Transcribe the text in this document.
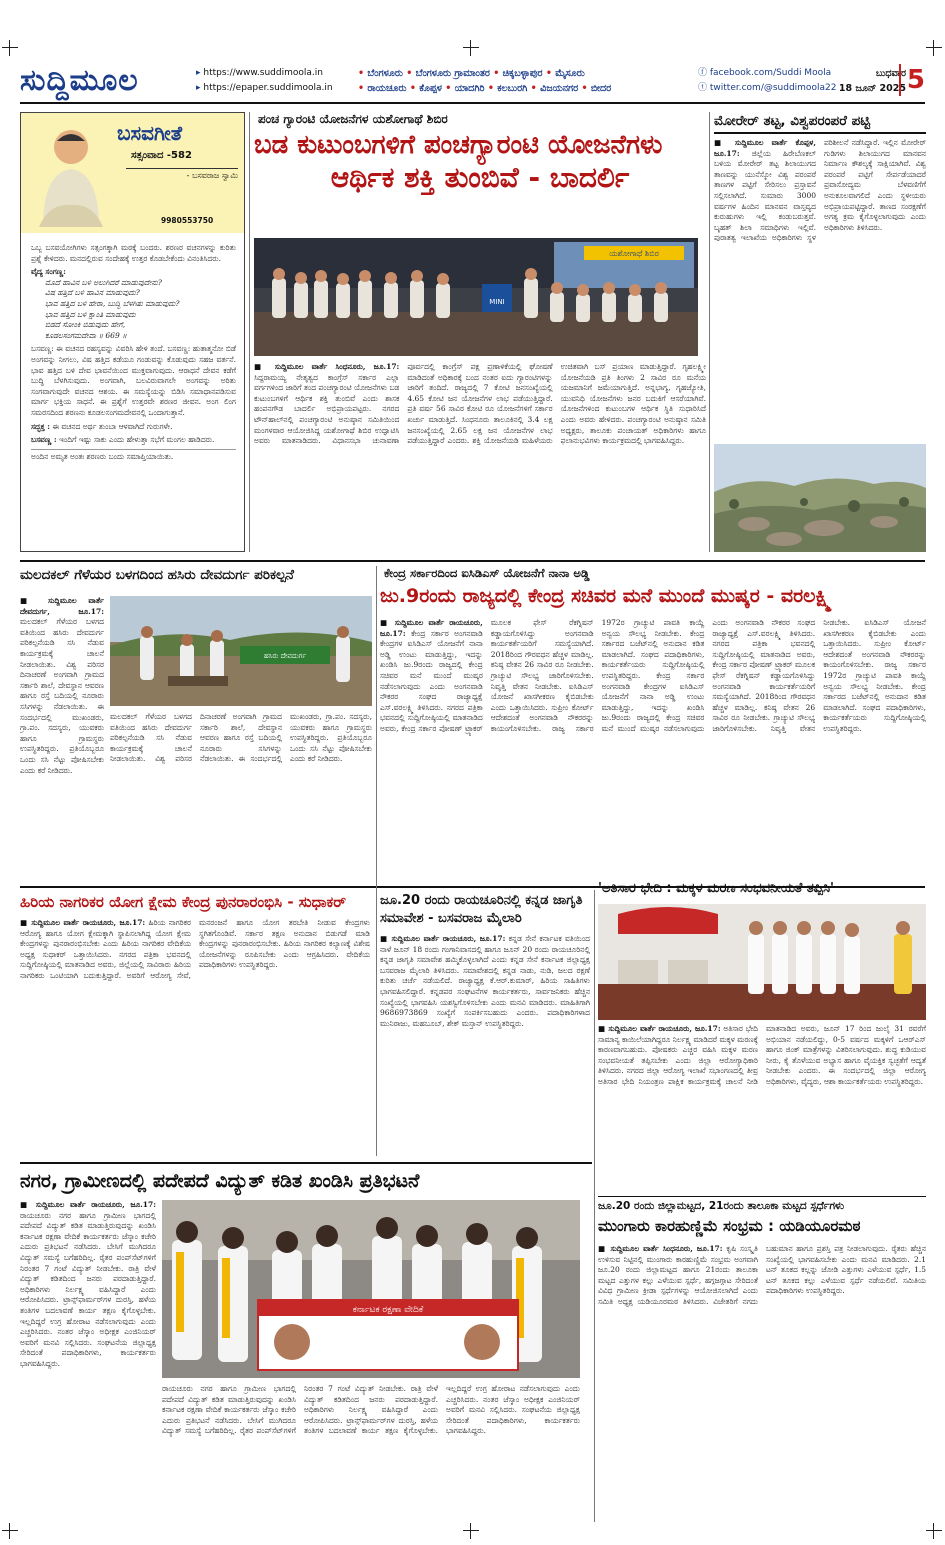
ಸುದ್ದಿಮೂಲ	▸ https://www.suddimoola.in
▸ https://epaper.suddimoola.in
• ಬೆಂಗಳೂರು • ಬೆಂಗಳೂರು ಗ್ರಾಮಾಂತರ • ಚಿಕ್ಕಬಳ್ಳಾಪುರ • ಮೈಸೂರು
• ರಾಯಚೂರು • ಕೊಪ್ಪಳ • ಯಾದಗಿರಿ • ಕಲಬುರಗಿ • ವಿಜಯನಗರ • ಬೀದರ
ⓕ facebook.com/Suddi Moola
ⓣ twitter.com/@suddimoola22
ಬುಧವಾರ
18 ಜೂನ್ 2025 5
ಬಸವಗೀತೆ
ಸತ್ಸಂವಾದ -582
- ಬಸವರಾಜ ಸ್ವಾಮಿ
9980553750

ಒಬ್ಬ ಬಸವಯೋಗಿಗಳು ಸತ್ಸಂಗಕ್ಕಾಗಿ ಮಠಕ್ಕೆ ಬಂದರು. ಶರಣರ ವಚನಗಳನ್ನು ಕುರಿತು ಪ್ರಶ್ನೆ ಕೇಳಿದರು. ಮನದಲ್ಲಿರುವ ಸಂದೇಹಕ್ಕೆ ಉತ್ತರ ಕೊಡಬೇಕೆಂದು ವಿನಂತಿಸಿದರು.

ವೈದ್ಯ ಸಂಗಣ್ಣ:

ಮೊದೆ ಹಾವಿನ ಬಳಿ ಅಲುಗಿದರೆ ಮಾಡುವುದೇನು?
ವಿಷ ಹತ್ತಿದೆ ಬಳಿ ಹಾವಿನ ಮಾಡುವುದು?
ಭಾವ ಹತ್ತಿದ ಬಳಿ ಹೇರಾ, ಬುದ್ಧಿ ಬೆಳಗಿತು ಮಾಡುವುದು?
ಭಾವ ಹತ್ತಿದ ಬಳಿ ಕ್ಷಾಂತಿ ಮಾಡುವುದು
ಬಿಡದೆ ಸೋಂಕಿ ಬಿಡುವುದು ಹೇಗೆ,
ಕೂಡಲಸಂಗಮದೇವಾ ॥ 669 ॥

ಬಸವಣ್ಣ: ಈ ವಚನದ ರಹಸ್ಯವನ್ನು ವಿವರಿಸಿ ಹೇಳಿ ತಂದೆ. ಬಸವಣ್ಣ: ಹುತಾತ್ಮನೋ ಬಿಡೆ ಅಂಗವನ್ನು ನೀಗಲು, ವಿಷ ಹತ್ತಿದ ಕಡೆಯೂ ಗಂಡುವನ್ನು ಕೊಡುವುದು ಸಹಜ ವರ್ತನೆ. ಭಾವ ಹತ್ತಿದ ಬಳಿ ದೇವ ಭಾವನೆಯಿಂದ ಮುಕ್ತವಾಗುವುದು. ಆರಾಧನೆ ದೇವನ ಕಡೆಗೆ ಬುದ್ಧಿ ಬೆಳಗಿಸುವುದು. ಅಂಗವಾಗಿ, ಬಲವಿರುವಾಗಲೇ ಅಂಗವನ್ನು ಅರಿತು ಸಂಗವಾಗುವುದೇ ವಚನದ ಆಶಯ. ಈ ಸಮಸ್ಯೆಯನ್ನು ಬಿಡಿಸಿ ಸಮಾಧಾನಪಡಿಸುವ ಮಾರ್ಗ ಭಕ್ತಿಯ ಸಾಧನೆ. ಈ ಪ್ರಶ್ನೆಗೆ ಉತ್ತರವೇ ಶರಣರ ಜೀವನ. ಅಂಗ ಲಿಂಗ ಸಮರಸದಿಂದ ಶರಣನು ಕೂಡಲಸಂಗಮದೇವನಲ್ಲಿ ಒಂದಾಗುತ್ತಾನೆ.

ಸದ್ಭಕ್ತ : ಈ ವಚನದ ಅರ್ಥ ತುಂಬಾ ಆಳವಾಗಿದೆ ಗುರುಗಳೇ.

ಬಸವಣ್ಣ : ಇಂದಿಗೆ ಇಷ್ಟು ಸಾಕು ಎಂದು ಹೇಳುತ್ತಾ ಸಭೆಗೆ ಮಂಗಲ ಹಾಡಿದರು.

ಅಂದಿನ ಅಮೃತ ಅಂತಃ ಶರಣರು ಬಂದು ಸಮಾಪ್ತಿಯಾಯಿತು.

ಪಂಚ ಗ್ಯಾರಂಟಿ ಯೋಜನೆಗಳ ಯಶೋಗಾಥೆ ಶಿಬಿರ
ಬಡ ಕುಟುಂಬಗಳಿಗೆ ಪಂಚಗ್ಯಾರಂಟಿ ಯೋಜನೆಗಳು
ಆರ್ಥಿಕ ಶಕ್ತಿ ತುಂಬಿವೆ - ಬಾದರ್ಲಿ
MINI
ಯಶೋಗಾಥೆ ಶಿಬಿರ
■ ಸುದ್ದಿಮೂಲ ವಾರ್ತೆ ಸಿಂಧನೂರು, ಜೂ.17: ಸಿದ್ದರಾಮಯ್ಯ ನೇತೃತ್ವದ ಕಾಂಗ್ರೆಸ್ ಸರ್ಕಾರ ಎಲ್ಲಾ ವರ್ಗಗಳಿಂದ ಜಾರಿಗೆ ತಂದ ಪಂಚಗ್ಯಾರಂಟಿ ಯೋಜನೆಗಳು ಬಡ ಕುಟುಂಬಗಳಿಗೆ ಆರ್ಥಿಕ ಶಕ್ತಿ ತುಂಬಿವೆ ಎಂದು ಶಾಸಕ ಹಂಪನಗೌಡ ಬಾದರ್ಲಿ ಅಭಿಪ್ರಾಯಪಟ್ಟರು. ನಗರದ ಟೌನ್‌ಹಾಲ್‌ನಲ್ಲಿ ಪಂಚಗ್ಯಾರಂಟಿ ಅನುಷ್ಠಾನ ಸಮಿತಿಯಿಂದ ಮಂಗಳವಾರ ಆಯೋಜಿಸಿದ್ದ ಯಶೋಗಾಥೆ ಶಿಬಿರ ಉದ್ಘಾಟಿಸಿ ಅವರು ಮಾತನಾಡಿದರು. ವಿಧಾನಸಭಾ ಚುನಾವಣಾ ಪೂರ್ವದಲ್ಲಿ ಕಾಂಗ್ರೆಸ್ ಪಕ್ಷ ಪ್ರಣಾಳಿಕೆಯಲ್ಲಿ ಘೋಷಣೆ ಮಾಡಿದಂತೆ ಅಧಿಕಾರಕ್ಕೆ ಬಂದ ನಂತರ ಐದು ಗ್ಯಾರಂಟಿಗಳನ್ನು ಜಾರಿಗೆ ತಂದಿದೆ. ರಾಜ್ಯದಲ್ಲಿ 7 ಕೋಟಿ ಜನಸಂಖ್ಯೆಯಲ್ಲಿ 4.65 ಕೋಟಿ ಜನ ಯೋಜನೆಗಳ ಲಾಭ ಪಡೆಯುತ್ತಿದ್ದಾರೆ. ಪ್ರತಿ ವರ್ಷ 56 ಸಾವಿರ ಕೋಟಿ ರೂ ಯೋಜನೆಗಳಿಗೆ ಸರ್ಕಾರ ಖರ್ಚು ಮಾಡುತ್ತಿದೆ. ಸಿಂಧನೂರು ತಾಲೂಕಿನಲ್ಲಿ 3.4 ಲಕ್ಷ ಜನಸಂಖ್ಯೆಯಲ್ಲಿ 2.65 ಲಕ್ಷ ಜನ ಯೋಜನೆಗಳ ಲಾಭ ಪಡೆಯುತ್ತಿದ್ದಾರೆ ಎಂದರು. ಶಕ್ತಿ ಯೋಜನೆಯಡಿ ಮಹಿಳೆಯರು ಉಚಿತವಾಗಿ ಬಸ್ ಪ್ರಯಾಣ ಮಾಡುತ್ತಿದ್ದಾರೆ. ಗೃಹಲಕ್ಷ್ಮೀ ಯೋಜನೆಯಡಿ ಪ್ರತಿ ತಿಂಗಳು 2 ಸಾವಿರ ರೂ ಮನೆಯ ಯಜಮಾನಿಗೆ ಜಮೆಯಾಗುತ್ತಿದೆ. ಅನ್ನಭಾಗ್ಯ, ಗೃಹಜ್ಯೋತಿ, ಯುವನಿಧಿ ಯೋಜನೆಗಳು ಜನರ ಬದುಕಿಗೆ ಆಸರೆಯಾಗಿವೆ. ಯೋಜನೆಗಳಿಂದ ಕುಟುಂಬಗಳ ಆರ್ಥಿಕ ಸ್ಥಿತಿ ಸುಧಾರಿಸಿದೆ ಎಂದು ಅವರು ಹೇಳಿದರು. ಪಂಚಗ್ಯಾರಂಟಿ ಅನುಷ್ಠಾನ ಸಮಿತಿ ಅಧ್ಯಕ್ಷರು, ತಾಲೂಕು ಪಂಚಾಯತ್ ಅಧಿಕಾರಿಗಳು ಹಾಗೂ ಫಲಾನುಭವಿಗಳು ಕಾರ್ಯಕ್ರಮದಲ್ಲಿ ಭಾಗವಹಿಸಿದ್ದರು.
ಮೋರೇರ್ ತಟ್ಟ, ವಿಶ್ವಪರಂಪರೆ ಪಟ್ಟಿ
■ ಸುದ್ದಿಮೂಲ ವಾರ್ತೆ ಕೊಪ್ಪಳ, ಜೂ.17: ಜಿಲ್ಲೆಯ ಹಿರೇಬೆಣಕಲ್ ಬಳಿಯ ಮೋರೇರ್ ತಟ್ಟ ಶಿಲಾಯುಗದ ತಾಣವನ್ನು ಯುನೆಸ್ಕೋ ವಿಶ್ವ ಪರಂಪರೆ ತಾಣಗಳ ಪಟ್ಟಿಗೆ ಸೇರಿಸಲು ಪ್ರಸ್ತಾವನೆ ಸಲ್ಲಿಸಲಾಗಿದೆ. ಸುಮಾರು 3000 ವರ್ಷಗಳ ಹಿಂದಿನ ಮಾನವನ ವಾಸ್ತವ್ಯದ ಕುರುಹುಗಳು ಇಲ್ಲಿ ಕಂಡುಬರುತ್ತವೆ. ಬೃಹತ್ ಶಿಲಾ ಸಮಾಧಿಗಳು ಇಲ್ಲಿವೆ. ಪುರಾತತ್ವ ಇಲಾಖೆಯ ಅಧಿಕಾರಿಗಳು ಸ್ಥಳ ಪರಿಶೀಲನೆ ನಡೆಸಿದ್ದಾರೆ. ಇಲ್ಲಿನ ಮೋರೇರ್ ಗುಡಿಗಳು ಶಿಲಾಯುಗದ ಮಾನವನ ನಿರ್ಮಾಣ ಕೌಶಲ್ಯಕ್ಕೆ ಸಾಕ್ಷಿಯಾಗಿವೆ. ವಿಶ್ವ ಪರಂಪರೆ ಪಟ್ಟಿಗೆ ಸೇರ್ಪಡೆಯಾದರೆ ಪ್ರವಾಸೋದ್ಯಮ ಬೆಳವಣಿಗೆಗೆ ಅನುಕೂಲವಾಗಲಿದೆ ಎಂದು ಸ್ಥಳೀಯರು ಅಭಿಪ್ರಾಯಪಟ್ಟಿದ್ದಾರೆ. ತಾಣದ ಸಂರಕ್ಷಣೆಗೆ ಅಗತ್ಯ ಕ್ರಮ ಕೈಗೊಳ್ಳಲಾಗುವುದು ಎಂದು ಅಧಿಕಾರಿಗಳು ತಿಳಿಸಿದರು.
ಮಲದಕಲ್ ಗೆಳೆಯರ ಬಳಗದಿಂದ ಹಸಿರು ದೇವದುರ್ಗ ಪರಿಕಲ್ಪನೆ
■ ಸುದ್ದಿಮೂಲ ವಾರ್ತೆ ದೇವದುರ್ಗ, ಜೂ.17: ಮಲದಕಲ್ ಗೆಳೆಯರ ಬಳಗದ ವತಿಯಿಂದ ಹಸಿರು ದೇವದುರ್ಗ ಪರಿಕಲ್ಪನೆಯಡಿ ಸಸಿ ನೆಡುವ ಕಾರ್ಯಕ್ರಮಕ್ಕೆ ಚಾಲನೆ ನೀಡಲಾಯಿತು. ವಿಶ್ವ ಪರಿಸರ ದಿನಾಚರಣೆ ಅಂಗವಾಗಿ ಗ್ರಾಮದ ಸರ್ಕಾರಿ ಶಾಲೆ, ದೇವಸ್ಥಾನ ಆವರಣ ಹಾಗೂ ರಸ್ತೆ ಬದಿಯಲ್ಲಿ ನೂರಾರು ಸಸಿಗಳನ್ನು ನೆಡಲಾಯಿತು. ಈ ಸಂದರ್ಭದಲ್ಲಿ ಮುಖಂಡರು, ಗ್ರಾ.ಪಂ. ಸದಸ್ಯರು, ಯುವಕರು ಹಾಗೂ ಗ್ರಾಮಸ್ಥರು ಉಪಸ್ಥಿತರಿದ್ದರು. ಪ್ರತಿಯೊಬ್ಬರೂ ಒಂದು ಸಸಿ ನೆಟ್ಟು ಪೋಷಿಸಬೇಕು ಎಂದು ಕರೆ ನೀಡಿದರು.
ಹಸಿರು ದೇವದುರ್ಗ
ಮಲದಕಲ್ ಗೆಳೆಯರ ಬಳಗದ ವತಿಯಿಂದ ಹಸಿರು ದೇವದುರ್ಗ ಪರಿಕಲ್ಪನೆಯಡಿ ಸಸಿ ನೆಡುವ ಕಾರ್ಯಕ್ರಮಕ್ಕೆ ಚಾಲನೆ ನೀಡಲಾಯಿತು. ವಿಶ್ವ ಪರಿಸರ ದಿನಾಚರಣೆ ಅಂಗವಾಗಿ ಗ್ರಾಮದ ಸರ್ಕಾರಿ ಶಾಲೆ, ದೇವಸ್ಥಾನ ಆವರಣ ಹಾಗೂ ರಸ್ತೆ ಬದಿಯಲ್ಲಿ ನೂರಾರು ಸಸಿಗಳನ್ನು ನೆಡಲಾಯಿತು. ಈ ಸಂದರ್ಭದಲ್ಲಿ ಮುಖಂಡರು, ಗ್ರಾ.ಪಂ. ಸದಸ್ಯರು, ಯುವಕರು ಹಾಗೂ ಗ್ರಾಮಸ್ಥರು ಉಪಸ್ಥಿತರಿದ್ದರು. ಪ್ರತಿಯೊಬ್ಬರೂ ಒಂದು ಸಸಿ ನೆಟ್ಟು ಪೋಷಿಸಬೇಕು ಎಂದು ಕರೆ ನೀಡಿದರು.
ಕೇಂದ್ರ ಸರ್ಕಾರದಿಂದ ಐಸಿಡಿಎಸ್ ಯೋಜನೆಗೆ ನಾನಾ ಅಡ್ಡಿ
ಜು.9ರಂದು ರಾಜ್ಯದಲ್ಲಿ ಕೇಂದ್ರ ಸಚಿವರ ಮನೆ ಮುಂದೆ ಮುಷ್ಕರ - ವರಲಕ್ಷ್ಮಿ
■ ಸುದ್ದಿಮೂಲ ವಾರ್ತೆ ರಾಯಚೂರು, ಜೂ.17: ಕೇಂದ್ರ ಸರ್ಕಾರ ಅಂಗನವಾಡಿ ಕೇಂದ್ರಗಳ ಐಸಿಡಿಎಸ್ ಯೋಜನೆಗೆ ನಾನಾ ಅಡ್ಡಿ ಉಂಟು ಮಾಡುತ್ತಿದ್ದು, ಇದನ್ನು ಖಂಡಿಸಿ ಜು.9ರಂದು ರಾಜ್ಯದಲ್ಲಿ ಕೇಂದ್ರ ಸಚಿವರ ಮನೆ ಮುಂದೆ ಮುಷ್ಕರ ನಡೆಸಲಾಗುವುದು ಎಂದು ಅಂಗನವಾಡಿ ನೌಕರರ ಸಂಘದ ರಾಜ್ಯಾಧ್ಯಕ್ಷೆ ಎಸ್.ವರಲಕ್ಷ್ಮಿ ತಿಳಿಸಿದರು. ನಗರದ ಪತ್ರಿಕಾ ಭವನದಲ್ಲಿ ಸುದ್ದಿಗೋಷ್ಠಿಯಲ್ಲಿ ಮಾತನಾಡಿದ ಅವರು, ಕೇಂದ್ರ ಸರ್ಕಾರ ಪೋಷಣ್ ಟ್ರ್ಯಾಕರ್ ಮೂಲಕ ಫೇಸ್ ರೆಕಗ್ನಿಷನ್ ಕಡ್ಡಾಯಗೊಳಿಸಿದ್ದು ಅಂಗನವಾಡಿ ಕಾರ್ಯಕರ್ತೆಯರಿಗೆ ಸಮಸ್ಯೆಯಾಗಿದೆ. 2018ರಿಂದ ಗೌರವಧನ ಹೆಚ್ಚಳ ಮಾಡಿಲ್ಲ. ಕನಿಷ್ಠ ವೇತನ 26 ಸಾವಿರ ರೂ ನೀಡಬೇಕು. ಗ್ರಾಚ್ಯುಟಿ ಸೌಲಭ್ಯ ಜಾರಿಗೊಳಿಸಬೇಕು. ನಿವೃತ್ತಿ ವೇತನ ನೀಡಬೇಕು. ಐಸಿಡಿಎಸ್ ಯೋಜನೆ ಖಾಸಗೀಕರಣ ಕೈಬಿಡಬೇಕು ಎಂದು ಒತ್ತಾಯಿಸಿದರು. ಸುಪ್ರೀಂ ಕೋರ್ಟ್ ಆದೇಶದಂತೆ ಅಂಗನವಾಡಿ ನೌಕರರನ್ನು ಕಾಯಂಗೊಳಿಸಬೇಕು. ರಾಜ್ಯ ಸರ್ಕಾರ 1972ರ ಗ್ರಾಚ್ಯುಟಿ ಪಾವತಿ ಕಾಯ್ದೆ ಅನ್ವಯ ಸೌಲಭ್ಯ ನೀಡಬೇಕು. ಕೇಂದ್ರ ಸರ್ಕಾರದ ಬಜೆಟ್‌ನಲ್ಲಿ ಅನುದಾನ ಕಡಿತ ಮಾಡಲಾಗಿದೆ. ಸಂಘದ ಪದಾಧಿಕಾರಿಗಳು, ಕಾರ್ಯಕರ್ತೆಯರು ಸುದ್ದಿಗೋಷ್ಠಿಯಲ್ಲಿ ಉಪಸ್ಥಿತರಿದ್ದರು. ಕೇಂದ್ರ ಸರ್ಕಾರ ಅಂಗನವಾಡಿ ಕೇಂದ್ರಗಳ ಐಸಿಡಿಎಸ್ ಯೋಜನೆಗೆ ನಾನಾ ಅಡ್ಡಿ ಉಂಟು ಮಾಡುತ್ತಿದ್ದು, ಇದನ್ನು ಖಂಡಿಸಿ ಜು.9ರಂದು ರಾಜ್ಯದಲ್ಲಿ ಕೇಂದ್ರ ಸಚಿವರ ಮನೆ ಮುಂದೆ ಮುಷ್ಕರ ನಡೆಸಲಾಗುವುದು ಎಂದು ಅಂಗನವಾಡಿ ನೌಕರರ ಸಂಘದ ರಾಜ್ಯಾಧ್ಯಕ್ಷೆ ಎಸ್.ವರಲಕ್ಷ್ಮಿ ತಿಳಿಸಿದರು. ನಗರದ ಪತ್ರಿಕಾ ಭವನದಲ್ಲಿ ಸುದ್ದಿಗೋಷ್ಠಿಯಲ್ಲಿ ಮಾತನಾಡಿದ ಅವರು, ಕೇಂದ್ರ ಸರ್ಕಾರ ಪೋಷಣ್ ಟ್ರ್ಯಾಕರ್ ಮೂಲಕ ಫೇಸ್ ರೆಕಗ್ನಿಷನ್ ಕಡ್ಡಾಯಗೊಳಿಸಿದ್ದು ಅಂಗನವಾಡಿ ಕಾರ್ಯಕರ್ತೆಯರಿಗೆ ಸಮಸ್ಯೆಯಾಗಿದೆ. 2018ರಿಂದ ಗೌರವಧನ ಹೆಚ್ಚಳ ಮಾಡಿಲ್ಲ. ಕನಿಷ್ಠ ವೇತನ 26 ಸಾವಿರ ರೂ ನೀಡಬೇಕು. ಗ್ರಾಚ್ಯುಟಿ ಸೌಲಭ್ಯ ಜಾರಿಗೊಳಿಸಬೇಕು. ನಿವೃತ್ತಿ ವೇತನ ನೀಡಬೇಕು. ಐಸಿಡಿಎಸ್ ಯೋಜನೆ ಖಾಸಗೀಕರಣ ಕೈಬಿಡಬೇಕು ಎಂದು ಒತ್ತಾಯಿಸಿದರು. ಸುಪ್ರೀಂ ಕೋರ್ಟ್ ಆದೇಶದಂತೆ ಅಂಗನವಾಡಿ ನೌಕರರನ್ನು ಕಾಯಂಗೊಳಿಸಬೇಕು. ರಾಜ್ಯ ಸರ್ಕಾರ 1972ರ ಗ್ರಾಚ್ಯುಟಿ ಪಾವತಿ ಕಾಯ್ದೆ ಅನ್ವಯ ಸೌಲಭ್ಯ ನೀಡಬೇಕು. ಕೇಂದ್ರ ಸರ್ಕಾರದ ಬಜೆಟ್‌ನಲ್ಲಿ ಅನುದಾನ ಕಡಿತ ಮಾಡಲಾಗಿದೆ. ಸಂಘದ ಪದಾಧಿಕಾರಿಗಳು, ಕಾರ್ಯಕರ್ತೆಯರು ಸುದ್ದಿಗೋಷ್ಠಿಯಲ್ಲಿ ಉಪಸ್ಥಿತರಿದ್ದರು.
ಹಿರಿಯ ನಾಗರಿಕರ ಯೋಗ ಕ್ಷೇಮ ಕೇಂದ್ರ ಪುನರಾರಂಭಿಸಿ - ಸುಧಾಕರ್
■ ಸುದ್ದಿಮೂಲ ವಾರ್ತೆ ರಾಯಚೂರು, ಜೂ.17: ಹಿರಿಯ ನಾಗರಿಕರ ಆರೋಗ್ಯ ಹಾಗೂ ಯೋಗ ಕ್ಷೇಮಕ್ಕಾಗಿ ಸ್ಥಾಪಿಸಲಾಗಿದ್ದ ಯೋಗ ಕ್ಷೇಮ ಕೇಂದ್ರಗಳನ್ನು ಪುನರಾರಂಭಿಸಬೇಕು ಎಂದು ಹಿರಿಯ ನಾಗರಿಕರ ವೇದಿಕೆಯ ಅಧ್ಯಕ್ಷ ಸುಧಾಕರ್ ಒತ್ತಾಯಿಸಿದರು. ನಗರದ ಪತ್ರಿಕಾ ಭವನದಲ್ಲಿ ಸುದ್ದಿಗೋಷ್ಠಿಯಲ್ಲಿ ಮಾತನಾಡಿದ ಅವರು, ಜಿಲ್ಲೆಯಲ್ಲಿ ಸಾವಿರಾರು ಹಿರಿಯ ನಾಗರಿಕರು ಒಂಟಿಯಾಗಿ ಬದುಕುತ್ತಿದ್ದಾರೆ. ಅವರಿಗೆ ಆರೋಗ್ಯ ಸೇವೆ, ಮನರಂಜನೆ ಹಾಗೂ ಯೋಗ ತರಬೇತಿ ನೀಡುವ ಕೇಂದ್ರಗಳು ಸ್ಥಗಿತಗೊಂಡಿವೆ. ಸರ್ಕಾರ ತಕ್ಷಣ ಅನುದಾನ ಬಿಡುಗಡೆ ಮಾಡಿ ಕೇಂದ್ರಗಳನ್ನು ಪುನರಾರಂಭಿಸಬೇಕು. ಹಿರಿಯ ನಾಗರಿಕರ ಕಲ್ಯಾಣಕ್ಕೆ ವಿಶೇಷ ಯೋಜನೆಗಳನ್ನು ರೂಪಿಸಬೇಕು ಎಂದು ಆಗ್ರಹಿಸಿದರು. ವೇದಿಕೆಯ ಪದಾಧಿಕಾರಿಗಳು ಉಪಸ್ಥಿತರಿದ್ದರು.
ಜೂ.20 ರಂದು ರಾಯಚೂರಿನಲ್ಲಿ ಕನ್ನಡ ಜಾಗೃತಿ ಸಮಾವೇಶ - ಬಸವರಾಜ ಮೈಲಾರಿ
■ ಸುದ್ದಿಮೂಲ ವಾರ್ತೆ ರಾಯಚೂರು, ಜೂ.17: ಕನ್ನಡ ಸೇನೆ ಕರ್ನಾಟಕ ವತಿಯಿಂದ ನಾಳೆ ಜೂನ್ 18 ರಂದು ಗಂಗಾನಿವಾಸದಲ್ಲಿ ಹಾಗೂ ಜೂನ್ 20 ರಂದು ರಾಯಚೂರಿನಲ್ಲಿ ಕನ್ನಡ ಜಾಗೃತಿ ಸಮಾವೇಶ ಹಮ್ಮಿಕೊಳ್ಳಲಾಗಿದೆ ಎಂದು ಕನ್ನಡ ಸೇನೆ ಕರ್ನಾಟಕ ಜಿಲ್ಲಾಧ್ಯಕ್ಷ ಬಸವರಾಜ ಮೈಲಾರಿ ತಿಳಿಸಿದರು. ಸಮಾವೇಶದಲ್ಲಿ ಕನ್ನಡ ನಾಡು, ನುಡಿ, ಜಲದ ರಕ್ಷಣೆ ಕುರಿತು ಚರ್ಚೆ ನಡೆಯಲಿದೆ. ರಾಜ್ಯಾಧ್ಯಕ್ಷ ಕೆ.ಆರ್.ಕುಮಾರ್, ಹಿರಿಯ ಸಾಹಿತಿಗಳು ಭಾಗವಹಿಸಲಿದ್ದಾರೆ. ಕನ್ನಡಪರ ಸಂಘಟನೆಗಳ ಕಾರ್ಯಕರ್ತರು, ಸಾರ್ವಜನಿಕರು ಹೆಚ್ಚಿನ ಸಂಖ್ಯೆಯಲ್ಲಿ ಭಾಗವಹಿಸಿ ಯಶಸ್ವಿಗೊಳಿಸಬೇಕು ಎಂದು ಮನವಿ ಮಾಡಿದರು. ಮಾಹಿತಿಗಾಗಿ 9686973869 ಸಂಖ್ಯೆಗೆ ಸಂಪರ್ಕಿಸಬಹುದು ಎಂದರು. ಪದಾಧಿಕಾರಿಗಳಾದ ಮುನಿರಾಜು, ಮಹಬೂಬ್, ಶೇಕ್ ಮಸ್ತಾನ್ ಉಪಸ್ಥಿತರಿದ್ದರು.
'ಅತಿಸಾರ ಭೇದಿ : ಮಕ್ಕಳ ಮರಣ ಸಂಭವನೀಯತೆ ತಪ್ಪಿಸಿ'
■ ಸುದ್ದಿಮೂಲ ವಾರ್ತೆ ರಾಯಚೂರು, ಜೂ.17: ಅತಿಸಾರ ಭೇದಿ ಸಾಮಾನ್ಯ ಕಾಯಿಲೆಯಾಗಿದ್ದರೂ ನಿರ್ಲಕ್ಷ್ಯ ಮಾಡಿದರೆ ಮಕ್ಕಳ ಮರಣಕ್ಕೆ ಕಾರಣವಾಗಬಹುದು. ಪೋಷಕರು ಎಚ್ಚರ ವಹಿಸಿ ಮಕ್ಕಳ ಮರಣ ಸಂಭವನೀಯತೆ ತಪ್ಪಿಸಬೇಕು ಎಂದು ಜಿಲ್ಲಾ ಆರೋಗ್ಯಾಧಿಕಾರಿ ತಿಳಿಸಿದರು. ನಗರದ ಜಿಲ್ಲಾ ಆರೋಗ್ಯ ಇಲಾಖೆ ಸಭಾಂಗಣದಲ್ಲಿ ತೀವ್ರ ಅತಿಸಾರ ಭೇದಿ ನಿಯಂತ್ರಣ ಪಾಕ್ಷಿಕ ಕಾರ್ಯಕ್ರಮಕ್ಕೆ ಚಾಲನೆ ನೀಡಿ ಮಾತನಾಡಿದ ಅವರು, ಜೂನ್ 17 ರಿಂದ ಜುಲೈ 31 ರವರೆಗೆ ಅಭಿಯಾನ ನಡೆಯಲಿದ್ದು, 0-5 ವರ್ಷದ ಮಕ್ಕಳಿಗೆ ಒಆರ್‌ಎಸ್ ಹಾಗೂ ಜಿಂಕ್ ಮಾತ್ರೆಗಳನ್ನು ವಿತರಿಸಲಾಗುವುದು. ಶುದ್ಧ ಕುಡಿಯುವ ನೀರು, ಕೈ ತೊಳೆಯುವ ಅಭ್ಯಾಸ ಹಾಗೂ ವೈಯಕ್ತಿಕ ಸ್ವಚ್ಛತೆಗೆ ಆದ್ಯತೆ ನೀಡಬೇಕು ಎಂದರು. ಈ ಸಂದರ್ಭದಲ್ಲಿ ಜಿಲ್ಲಾ ಆರೋಗ್ಯ ಅಧಿಕಾರಿಗಳು, ವೈದ್ಯರು, ಆಶಾ ಕಾರ್ಯಕರ್ತೆಯರು ಉಪಸ್ಥಿತರಿದ್ದರು.
ನಗರ, ಗ್ರಾಮೀಣದಲ್ಲಿ ಪದೇಪದೆ ವಿದ್ಯುತ್ ಕಡಿತ ಖಂಡಿಸಿ ಪ್ರತಿಭಟನೆ
■ ಸುದ್ದಿಮೂಲ ವಾರ್ತೆ ರಾಯಚೂರು, ಜೂ.17: ರಾಯಚೂರು ನಗರ ಹಾಗೂ ಗ್ರಾಮೀಣ ಭಾಗದಲ್ಲಿ ಪದೇಪದೆ ವಿದ್ಯುತ್ ಕಡಿತ ಮಾಡುತ್ತಿರುವುದನ್ನು ಖಂಡಿಸಿ ಕರ್ನಾಟಕ ರಕ್ಷಣಾ ವೇದಿಕೆ ಕಾರ್ಯಕರ್ತರು ಜೆಸ್ಕಾಂ ಕಚೇರಿ ಎದುರು ಪ್ರತಿಭಟನೆ ನಡೆಸಿದರು. ಬೇಸಿಗೆ ಮುಗಿದರೂ ವಿದ್ಯುತ್ ಸಮಸ್ಯೆ ಬಗೆಹರಿದಿಲ್ಲ. ರೈತರ ಪಂಪ್‌ಸೆಟ್‌ಗಳಿಗೆ ನಿರಂತರ 7 ಗಂಟೆ ವಿದ್ಯುತ್ ನೀಡಬೇಕು. ರಾತ್ರಿ ವೇಳೆ ವಿದ್ಯುತ್ ಕಡಿತದಿಂದ ಜನರು ಪರದಾಡುತ್ತಿದ್ದಾರೆ. ಅಧಿಕಾರಿಗಳು ನಿರ್ಲಕ್ಷ್ಯ ವಹಿಸಿದ್ದಾರೆ ಎಂದು ಆರೋಪಿಸಿದರು. ಟ್ರಾನ್ಸ್‌ಫಾರ್ಮರ್‌ಗಳ ದುರಸ್ತಿ, ಹಳೆಯ ತಂತಿಗಳ ಬದಲಾವಣೆ ಕಾರ್ಯ ತಕ್ಷಣ ಕೈಗೊಳ್ಳಬೇಕು. ಇಲ್ಲದಿದ್ದರೆ ಉಗ್ರ ಹೋರಾಟ ನಡೆಸಲಾಗುವುದು ಎಂದು ಎಚ್ಚರಿಸಿದರು. ನಂತರ ಜೆಸ್ಕಾಂ ಅಧೀಕ್ಷಕ ಎಂಜಿನಿಯರ್ ಅವರಿಗೆ ಮನವಿ ಸಲ್ಲಿಸಿದರು. ಸಂಘಟನೆಯ ಜಿಲ್ಲಾಧ್ಯಕ್ಷ ಸೇರಿದಂತೆ ಪದಾಧಿಕಾರಿಗಳು, ಕಾರ್ಯಕರ್ತರು ಭಾಗವಹಿಸಿದ್ದರು.
ಕರ್ನಾಟಕ ರಕ್ಷಣಾ ವೇದಿಕೆ
ರಾಯಚೂರು ನಗರ ಹಾಗೂ ಗ್ರಾಮೀಣ ಭಾಗದಲ್ಲಿ ಪದೇಪದೆ ವಿದ್ಯುತ್ ಕಡಿತ ಮಾಡುತ್ತಿರುವುದನ್ನು ಖಂಡಿಸಿ ಕರ್ನಾಟಕ ರಕ್ಷಣಾ ವೇದಿಕೆ ಕಾರ್ಯಕರ್ತರು ಜೆಸ್ಕಾಂ ಕಚೇರಿ ಎದುರು ಪ್ರತಿಭಟನೆ ನಡೆಸಿದರು. ಬೇಸಿಗೆ ಮುಗಿದರೂ ವಿದ್ಯುತ್ ಸಮಸ್ಯೆ ಬಗೆಹರಿದಿಲ್ಲ. ರೈತರ ಪಂಪ್‌ಸೆಟ್‌ಗಳಿಗೆ ನಿರಂತರ 7 ಗಂಟೆ ವಿದ್ಯುತ್ ನೀಡಬೇಕು. ರಾತ್ರಿ ವೇಳೆ ವಿದ್ಯುತ್ ಕಡಿತದಿಂದ ಜನರು ಪರದಾಡುತ್ತಿದ್ದಾರೆ. ಅಧಿಕಾರಿಗಳು ನಿರ್ಲಕ್ಷ್ಯ ವಹಿಸಿದ್ದಾರೆ ಎಂದು ಆರೋಪಿಸಿದರು. ಟ್ರಾನ್ಸ್‌ಫಾರ್ಮರ್‌ಗಳ ದುರಸ್ತಿ, ಹಳೆಯ ತಂತಿಗಳ ಬದಲಾವಣೆ ಕಾರ್ಯ ತಕ್ಷಣ ಕೈಗೊಳ್ಳಬೇಕು. ಇಲ್ಲದಿದ್ದರೆ ಉಗ್ರ ಹೋರಾಟ ನಡೆಸಲಾಗುವುದು ಎಂದು ಎಚ್ಚರಿಸಿದರು. ನಂತರ ಜೆಸ್ಕಾಂ ಅಧೀಕ್ಷಕ ಎಂಜಿನಿಯರ್ ಅವರಿಗೆ ಮನವಿ ಸಲ್ಲಿಸಿದರು. ಸಂಘಟನೆಯ ಜಿಲ್ಲಾಧ್ಯಕ್ಷ ಸೇರಿದಂತೆ ಪದಾಧಿಕಾರಿಗಳು, ಕಾರ್ಯಕರ್ತರು ಭಾಗವಹಿಸಿದ್ದರು.
ಜೂ.20 ರಂದು ಜಿಲ್ಲಾಮಟ್ಟದ, 21ರಂದು ತಾಲೂಕಾ ಮಟ್ಟದ ಸ್ಪರ್ಧೆಗಳು
ಮುಂಗಾರು ಕಾರಹುಣ್ಣಿಮೆ ಸಂಭ್ರಮ : ಯಡಿಯೂರಮಠ
■ ಸುದ್ದಿಮೂಲ ವಾರ್ತೆ ಸಿಂಧನೂರು, ಜೂ.17: ಕೃಷಿ ಸಂಸ್ಕೃತಿ ಉಳಿಸುವ ನಿಟ್ಟಿನಲ್ಲಿ ಮುಂಗಾರು ಕಾರಹುಣ್ಣಿಮೆ ಸಂಭ್ರಮ ಅಂಗವಾಗಿ ಜೂ.20 ರಂದು ಜಿಲ್ಲಾಮಟ್ಟದ ಹಾಗೂ 21ರಂದು ತಾಲೂಕಾ ಮಟ್ಟದ ಎತ್ತುಗಳ ಕಲ್ಲು ಎಳೆಯುವ ಸ್ಪರ್ಧೆ, ಹಗ್ಗಜಗ್ಗಾಟ ಸೇರಿದಂತೆ ವಿವಿಧ ಗ್ರಾಮೀಣ ಕ್ರೀಡಾ ಸ್ಪರ್ಧೆಗಳನ್ನು ಆಯೋಜಿಸಲಾಗಿದೆ ಎಂದು ಸಮಿತಿ ಅಧ್ಯಕ್ಷ ಯಡಿಯೂರಮಠ ತಿಳಿಸಿದರು. ವಿಜೇತರಿಗೆ ನಗದು ಬಹುಮಾನ ಹಾಗೂ ಪ್ರಶಸ್ತಿ ಪತ್ರ ನೀಡಲಾಗುವುದು. ರೈತರು ಹೆಚ್ಚಿನ ಸಂಖ್ಯೆಯಲ್ಲಿ ಭಾಗವಹಿಸಬೇಕು ಎಂದು ಮನವಿ ಮಾಡಿದರು. 2.1 ಟನ್ ತೂಕದ ಕಲ್ಲನ್ನು ಜೋಡಿ ಎತ್ತುಗಳು ಎಳೆಯುವ ಸ್ಪರ್ಧೆ, 1.5 ಟನ್ ತೂಕದ ಕಲ್ಲು ಎಳೆಯುವ ಸ್ಪರ್ಧೆ ನಡೆಯಲಿವೆ. ಸಮಿತಿಯ ಪದಾಧಿಕಾರಿಗಳು ಉಪಸ್ಥಿತರಿದ್ದರು.
